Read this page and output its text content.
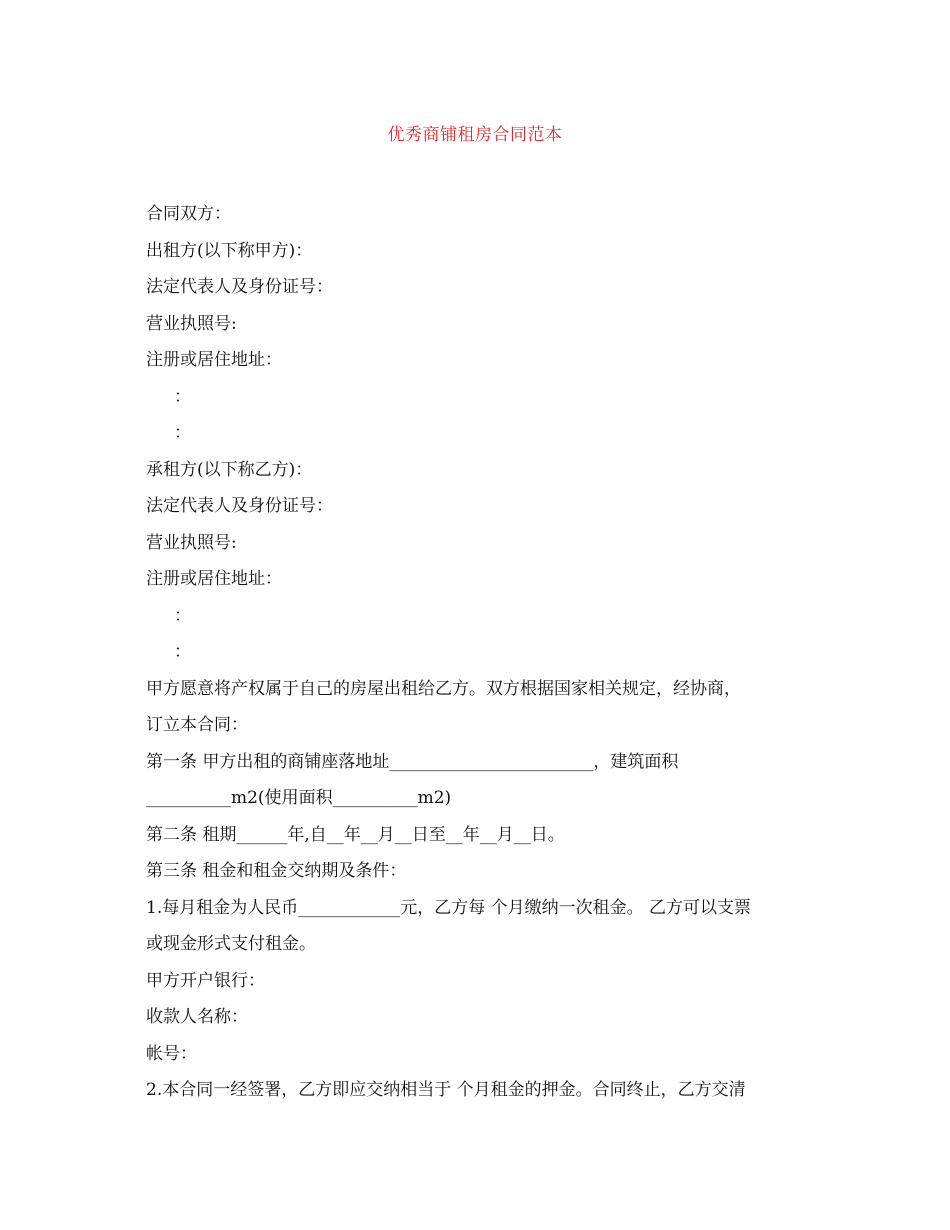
优秀商铺租房合同范本
合同双方：
出租方(以下称甲方)：
法定代表人及身份证号：
营业执照号:
注册或居住地址：
：
：
承租方(以下称乙方)：
法定代表人及身份证号：
营业执照号:
注册或居住地址：
：
：
甲方愿意将产权属于自己的房屋出租给乙方。双方根据国家相关规定，经协商，
订立本合同：
第一条 甲方出租的商铺座落地址________________________，建筑面积
__________m2(使用面积__________m2)
第二条 租期______年,自__年__月__日至__年__月__日。
第三条 租金和租金交纳期及条件：
1.每月租金为人民币____________元，乙方每 个月缴纳一次租金。 乙方可以支票
或现金形式支付租金。
甲方开户银行：
收款人名称：
帐号：
2.本合同一经签署，乙方即应交纳相当于 个月租金的押金。合同终止，乙方交清
